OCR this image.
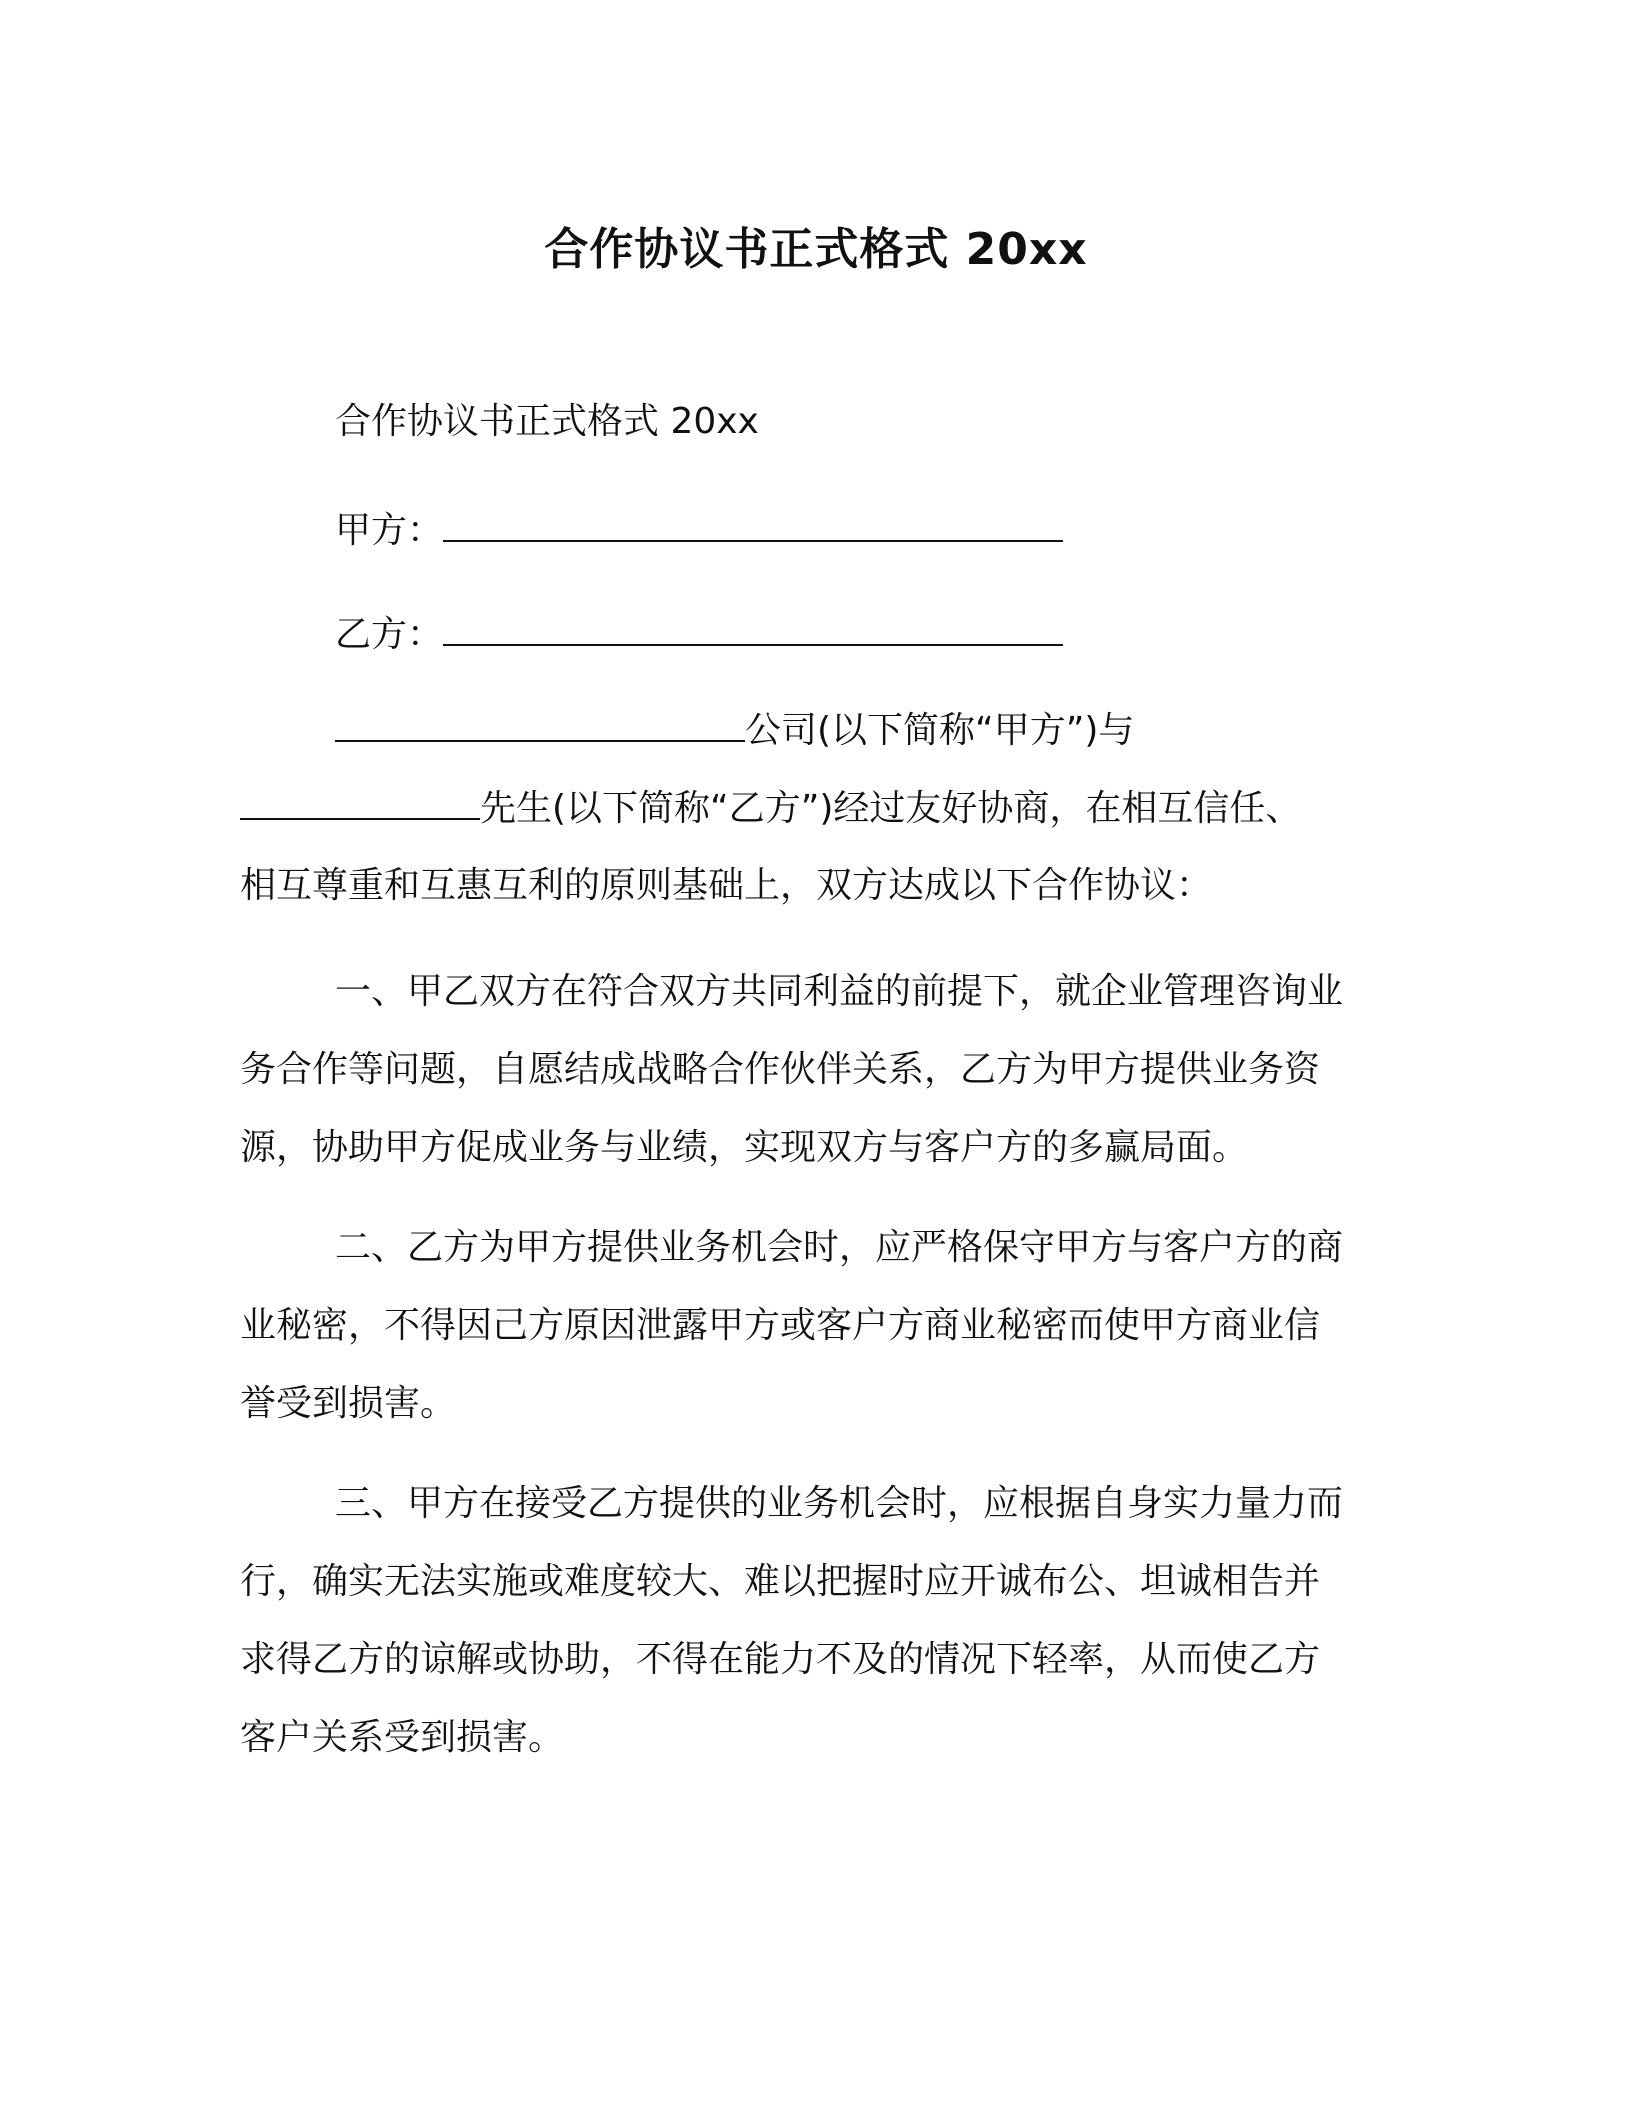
合作协议书正式格式 20xx
合作协议书正式格式 20xx
甲方：
乙方：
公司(以下简称“甲方”)与
先生(以下简称“乙方”)经过友好协商，在相互信任、
相互尊重和互惠互利的原则基础上，双方达成以下合作协议：
一、甲乙双方在符合双方共同利益的前提下，就企业管理咨询业
务合作等问题，自愿结成战略合作伙伴关系，乙方为甲方提供业务资
源，协助甲方促成业务与业绩，实现双方与客户方的多赢局面。
二、乙方为甲方提供业务机会时，应严格保守甲方与客户方的商
业秘密，不得因己方原因泄露甲方或客户方商业秘密而使甲方商业信
誉受到损害。
三、甲方在接受乙方提供的业务机会时，应根据自身实力量力而
行，确实无法实施或难度较大、难以把握时应开诚布公、坦诚相告并
求得乙方的谅解或协助，不得在能力不及的情况下轻率，从而使乙方
客户关系受到损害。
